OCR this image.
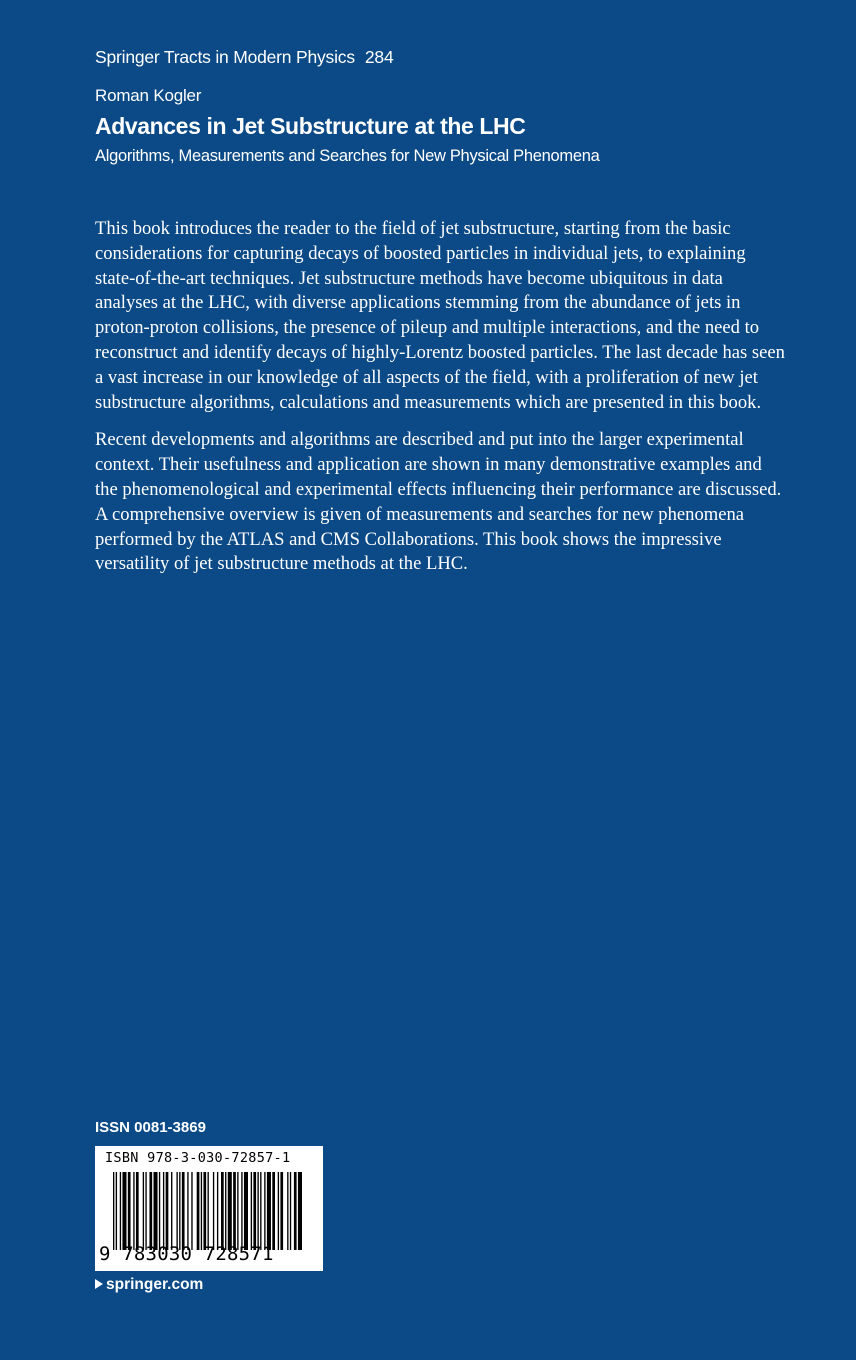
Springer Tracts in Modern Physics 284
Roman Kogler
Advances in Jet Substructure at the LHC
Algorithms, Measurements and Searches for New Physical Phenomena

This book introduces the reader to the field of jet substructure, starting from the basic considerations for capturing decays of boosted particles in individual jets, to explaining state-of-the-art techniques. Jet substructure methods have become ubiquitous in data analyses at the LHC, with diverse applications stemming from the abundance of jets in proton-proton collisions, the presence of pileup and multiple interactions, and the need to reconstruct and identify decays of highly-Lorentz boosted particles. The last decade has seen a vast increase in our knowledge of all aspects of the field, with a proliferation of new jet substructure algorithms, calculations and measurements which are presented in this book.

Recent developments and algorithms are described and put into the larger experimental context. Their usefulness and application are shown in many demonstrative examples and the phenomenological and experimental effects influencing their performance are discussed. A comprehensive overview is given of measurements and searches for new phenomena performed by the ATLAS and CMS Collaborations. This book shows the impressive versatility of jet substructure methods at the LHC.

ISSN 0081-3869
ISBN 978-3-030-72857-1
9 783030 728571
springer.com
